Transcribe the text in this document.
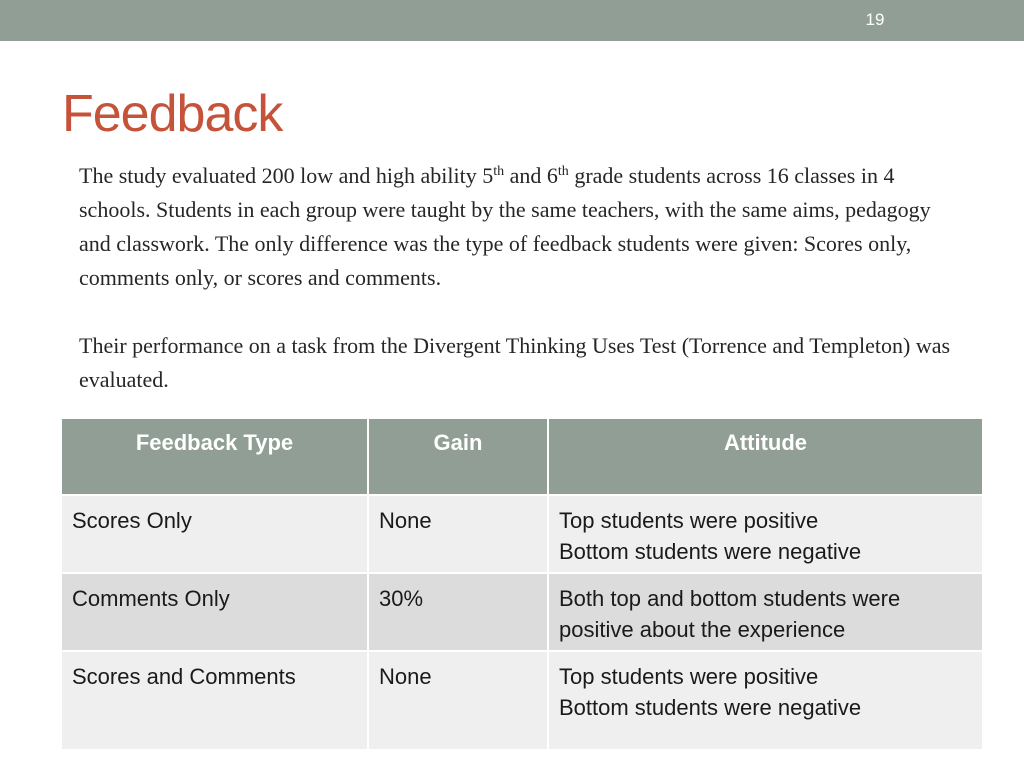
19
Feedback

The study evaluated 200 low and high ability 5th and 6th grade students across 16 classes in 4 schools. Students in each group were taught by the same teachers, with the same aims, pedagogy and classwork. The only difference was the type of feedback students were given: Scores only, comments only, or scores and comments.

Their performance on a task from the Divergent Thinking Uses Test (Torrence and Templeton) was evaluated.

Feedback Type	Gain	Attitude
Scores Only	None	Top students were positive
Bottom students were negative

Comments Only	30%	Both top and bottom students were positive about the experience

Scores and Comments	None	Top students were positive
Bottom students were negative
